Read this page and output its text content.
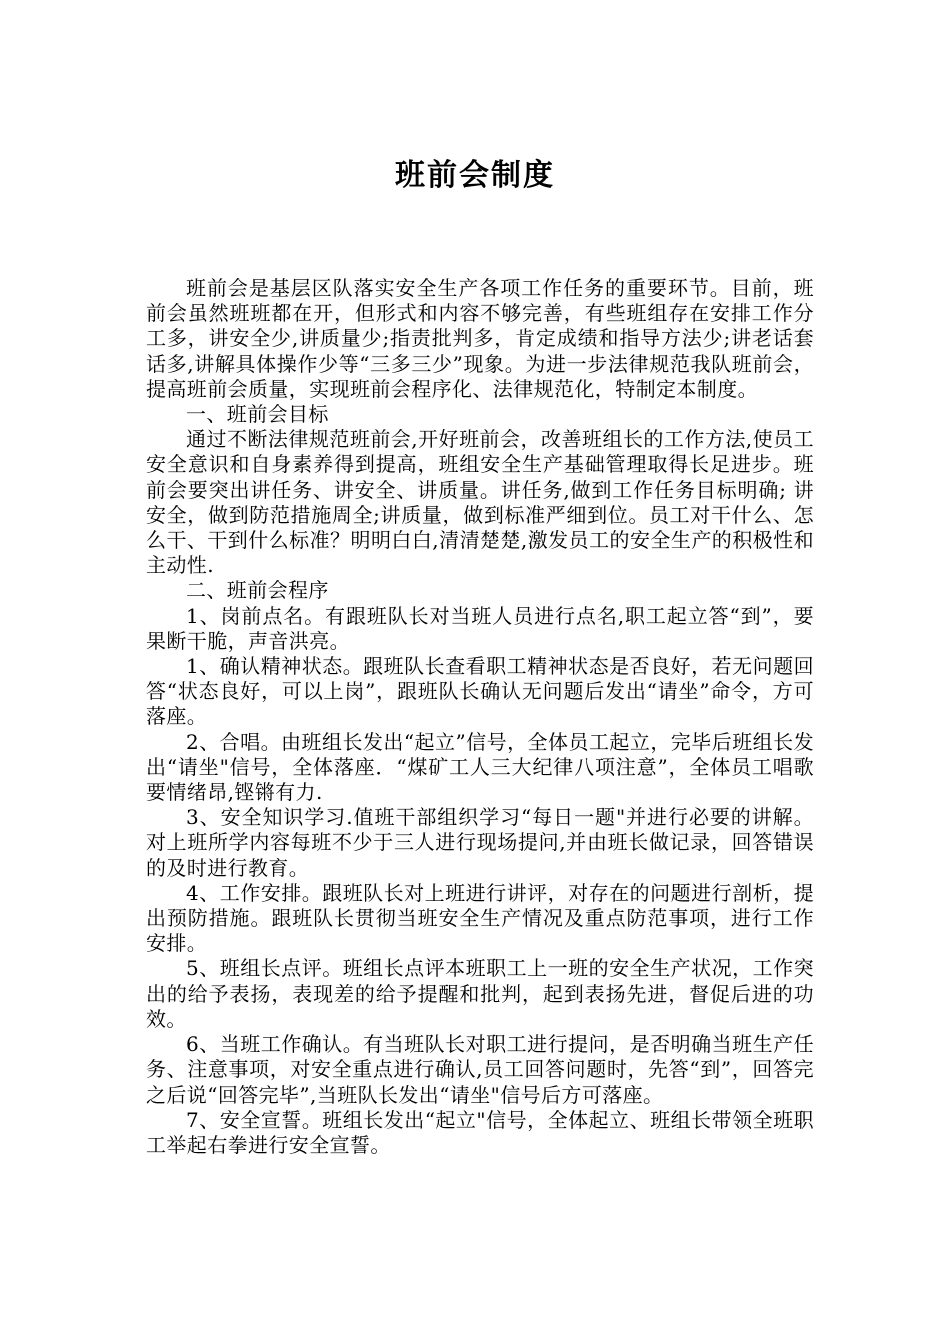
班前会制度

班前会是基层区队落实安全生产各项工作任务的重要环节。目前，班前会虽然班班都在开，但形式和内容不够完善，有些班组存在安排工作分工多，讲安全少,讲质量少;指责批判多，肯定成绩和指导方法少;讲老话套话多,讲解具体操作少等“三多三少”现象。为进一步法律规范我队班前会，提高班前会质量，实现班前会程序化、法律规范化，特制定本制度。

一、班前会目标

通过不断法律规范班前会,开好班前会，改善班组长的工作方法,使员工安全意识和自身素养得到提高，班组安全生产基础管理取得长足进步。班前会要突出讲任务、讲安全、讲质量。讲任务,做到工作任务目标明确; 讲安全，做到防范措施周全;讲质量，做到标准严细到位。员工对干什么、怎么干、干到什么标准？明明白白,清清楚楚,激发员工的安全生产的积极性和主动性.

二、班前会程序

1、岗前点名。有跟班队长对当班人员进行点名,职工起立答“到”，要果断干脆，声音洪亮。

1、确认精神状态。跟班队长查看职工精神状态是否良好，若无问题回答“状态良好，可以上岗”，跟班队长确认无问题后发出“请坐”命令，方可落座。

2、合唱。由班组长发出“起立”信号，全体员工起立，完毕后班组长发出“请坐"信号，全体落座．“煤矿工人三大纪律八项注意”，全体员工唱歌要情绪昂,铿锵有力.

3、安全知识学习.值班干部组织学习“每日一题"并进行必要的讲解。对上班所学内容每班不少于三人进行现场提问,并由班长做记录，回答错误的及时进行教育。

4、工作安排。跟班队长对上班进行讲评，对存在的问题进行剖析，提出预防措施。跟班队长贯彻当班安全生产情况及重点防范事项，进行工作安排。

5、班组长点评。班组长点评本班职工上一班的安全生产状况，工作突出的给予表扬，表现差的给予提醒和批判，起到表扬先进，督促后进的功效。

6、当班工作确认。有当班队长对职工进行提问，是否明确当班生产任务、注意事项，对安全重点进行确认,员工回答问题时，先答“到”，回答完之后说“回答完毕”,当班队长发出“请坐"信号后方可落座。

7、安全宣誓。班组长发出“起立"信号，全体起立、班组长带领全班职工举起右拳进行安全宣誓。
